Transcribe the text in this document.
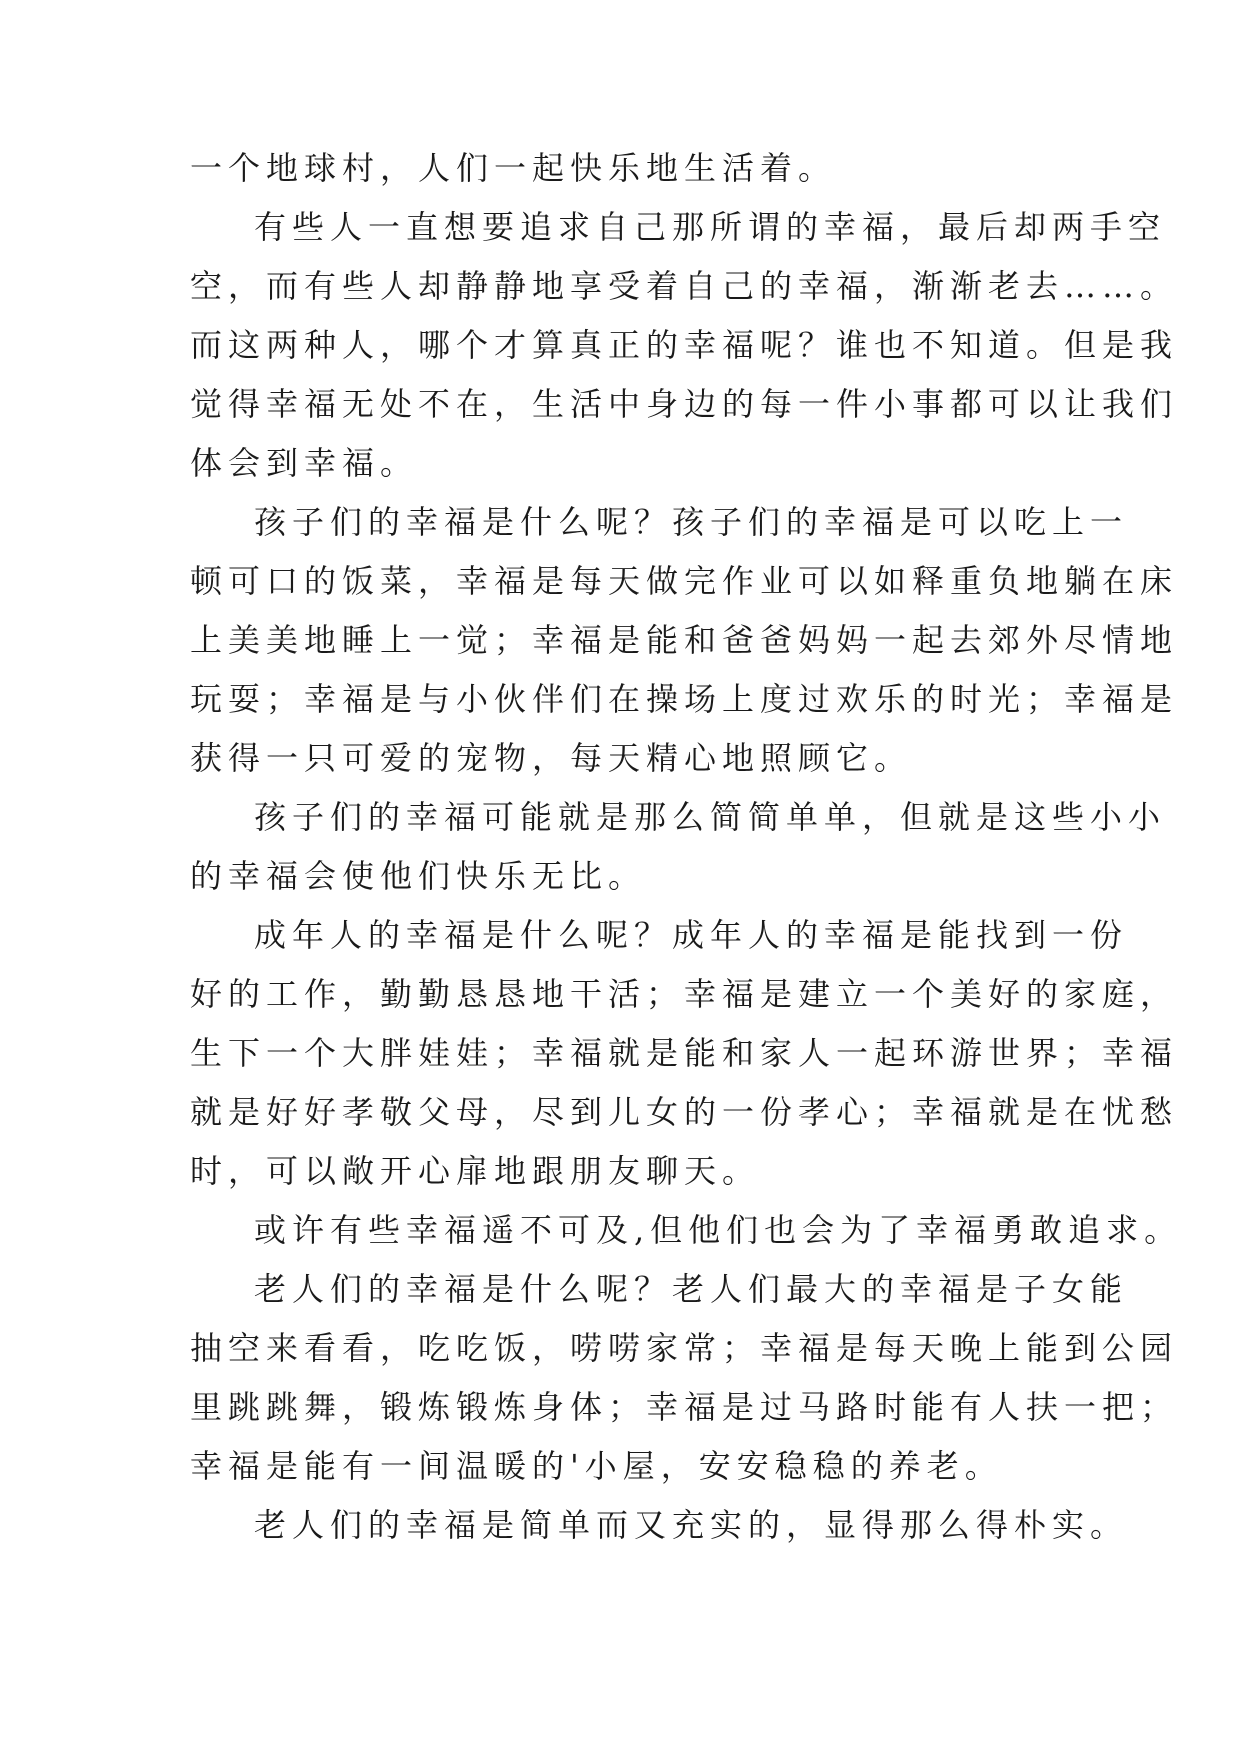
一个地球村，人们一起快乐地生活着。
有些人一直想要追求自己那所谓的幸福，最后却两手空
空，而有些人却静静地享受着自己的幸福，渐渐老去……。
而这两种人，哪个才算真正的幸福呢？谁也不知道。但是我
觉得幸福无处不在，生活中身边的每一件小事都可以让我们
体会到幸福。
孩子们的幸福是什么呢？孩子们的幸福是可以吃上一
顿可口的饭菜，幸福是每天做完作业可以如释重负地躺在床
上美美地睡上一觉；幸福是能和爸爸妈妈一起去郊外尽情地
玩耍；幸福是与小伙伴们在操场上度过欢乐的时光；幸福是
获得一只可爱的宠物，每天精心地照顾它。
孩子们的幸福可能就是那么简简单单，但就是这些小小
的幸福会使他们快乐无比。
成年人的幸福是什么呢？成年人的幸福是能找到一份
好的工作，勤勤恳恳地干活；幸福是建立一个美好的家庭，
生下一个大胖娃娃；幸福就是能和家人一起环游世界；幸福
就是好好孝敬父母，尽到儿女的一份孝心；幸福就是在忧愁
时，可以敞开心扉地跟朋友聊天。
或许有些幸福遥不可及,但他们也会为了幸福勇敢追求。
老人们的幸福是什么呢？老人们最大的幸福是子女能
抽空来看看，吃吃饭，唠唠家常；幸福是每天晚上能到公园
里跳跳舞，锻炼锻炼身体；幸福是过马路时能有人扶一把；
幸福是能有一间温暖的'小屋，安安稳稳的养老。
老人们的幸福是简单而又充实的，显得那么得朴实。
